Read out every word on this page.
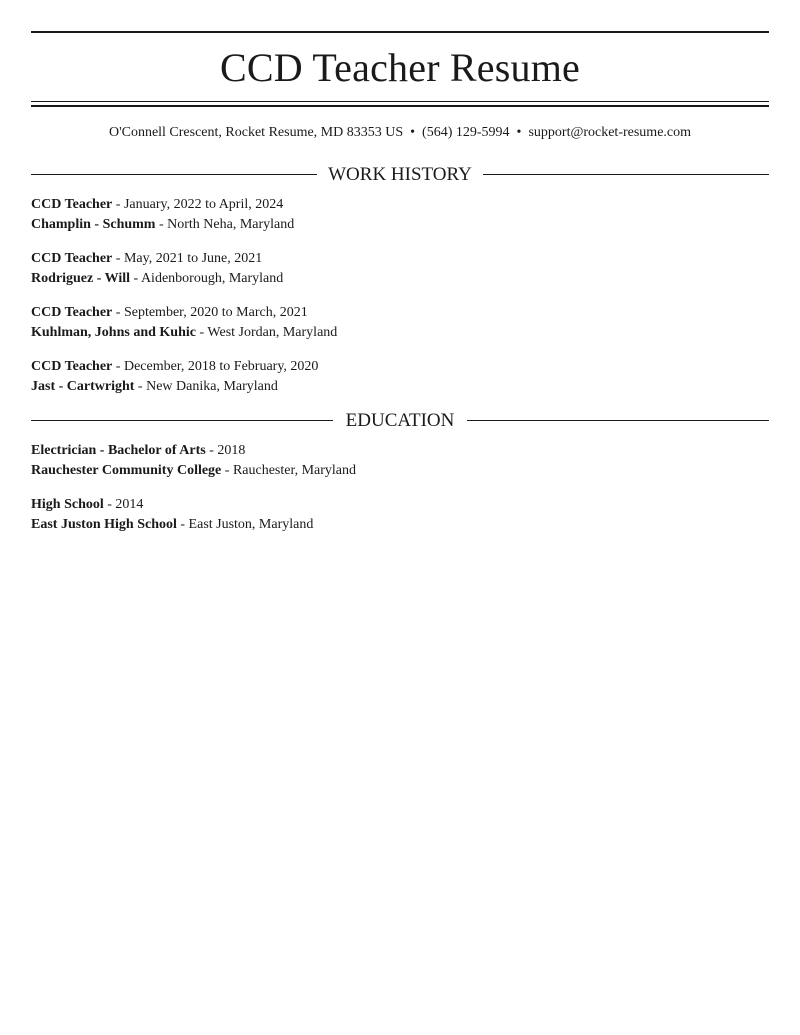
CCD Teacher Resume
O'Connell Crescent, Rocket Resume, MD 83353 US • (564) 129-5994 • support@rocket-resume.com
WORK HISTORY
CCD Teacher - January, 2022 to April, 2024
Champlin - Schumm - North Neha, Maryland
CCD Teacher - May, 2021 to June, 2021
Rodriguez - Will - Aidenborough, Maryland
CCD Teacher - September, 2020 to March, 2021
Kuhlman, Johns and Kuhic - West Jordan, Maryland
CCD Teacher - December, 2018 to February, 2020
Jast - Cartwright - New Danika, Maryland
EDUCATION
Electrician - Bachelor of Arts - 2018
Rauchester Community College - Rauchester, Maryland
High School - 2014
East Juston High School - East Juston, Maryland
